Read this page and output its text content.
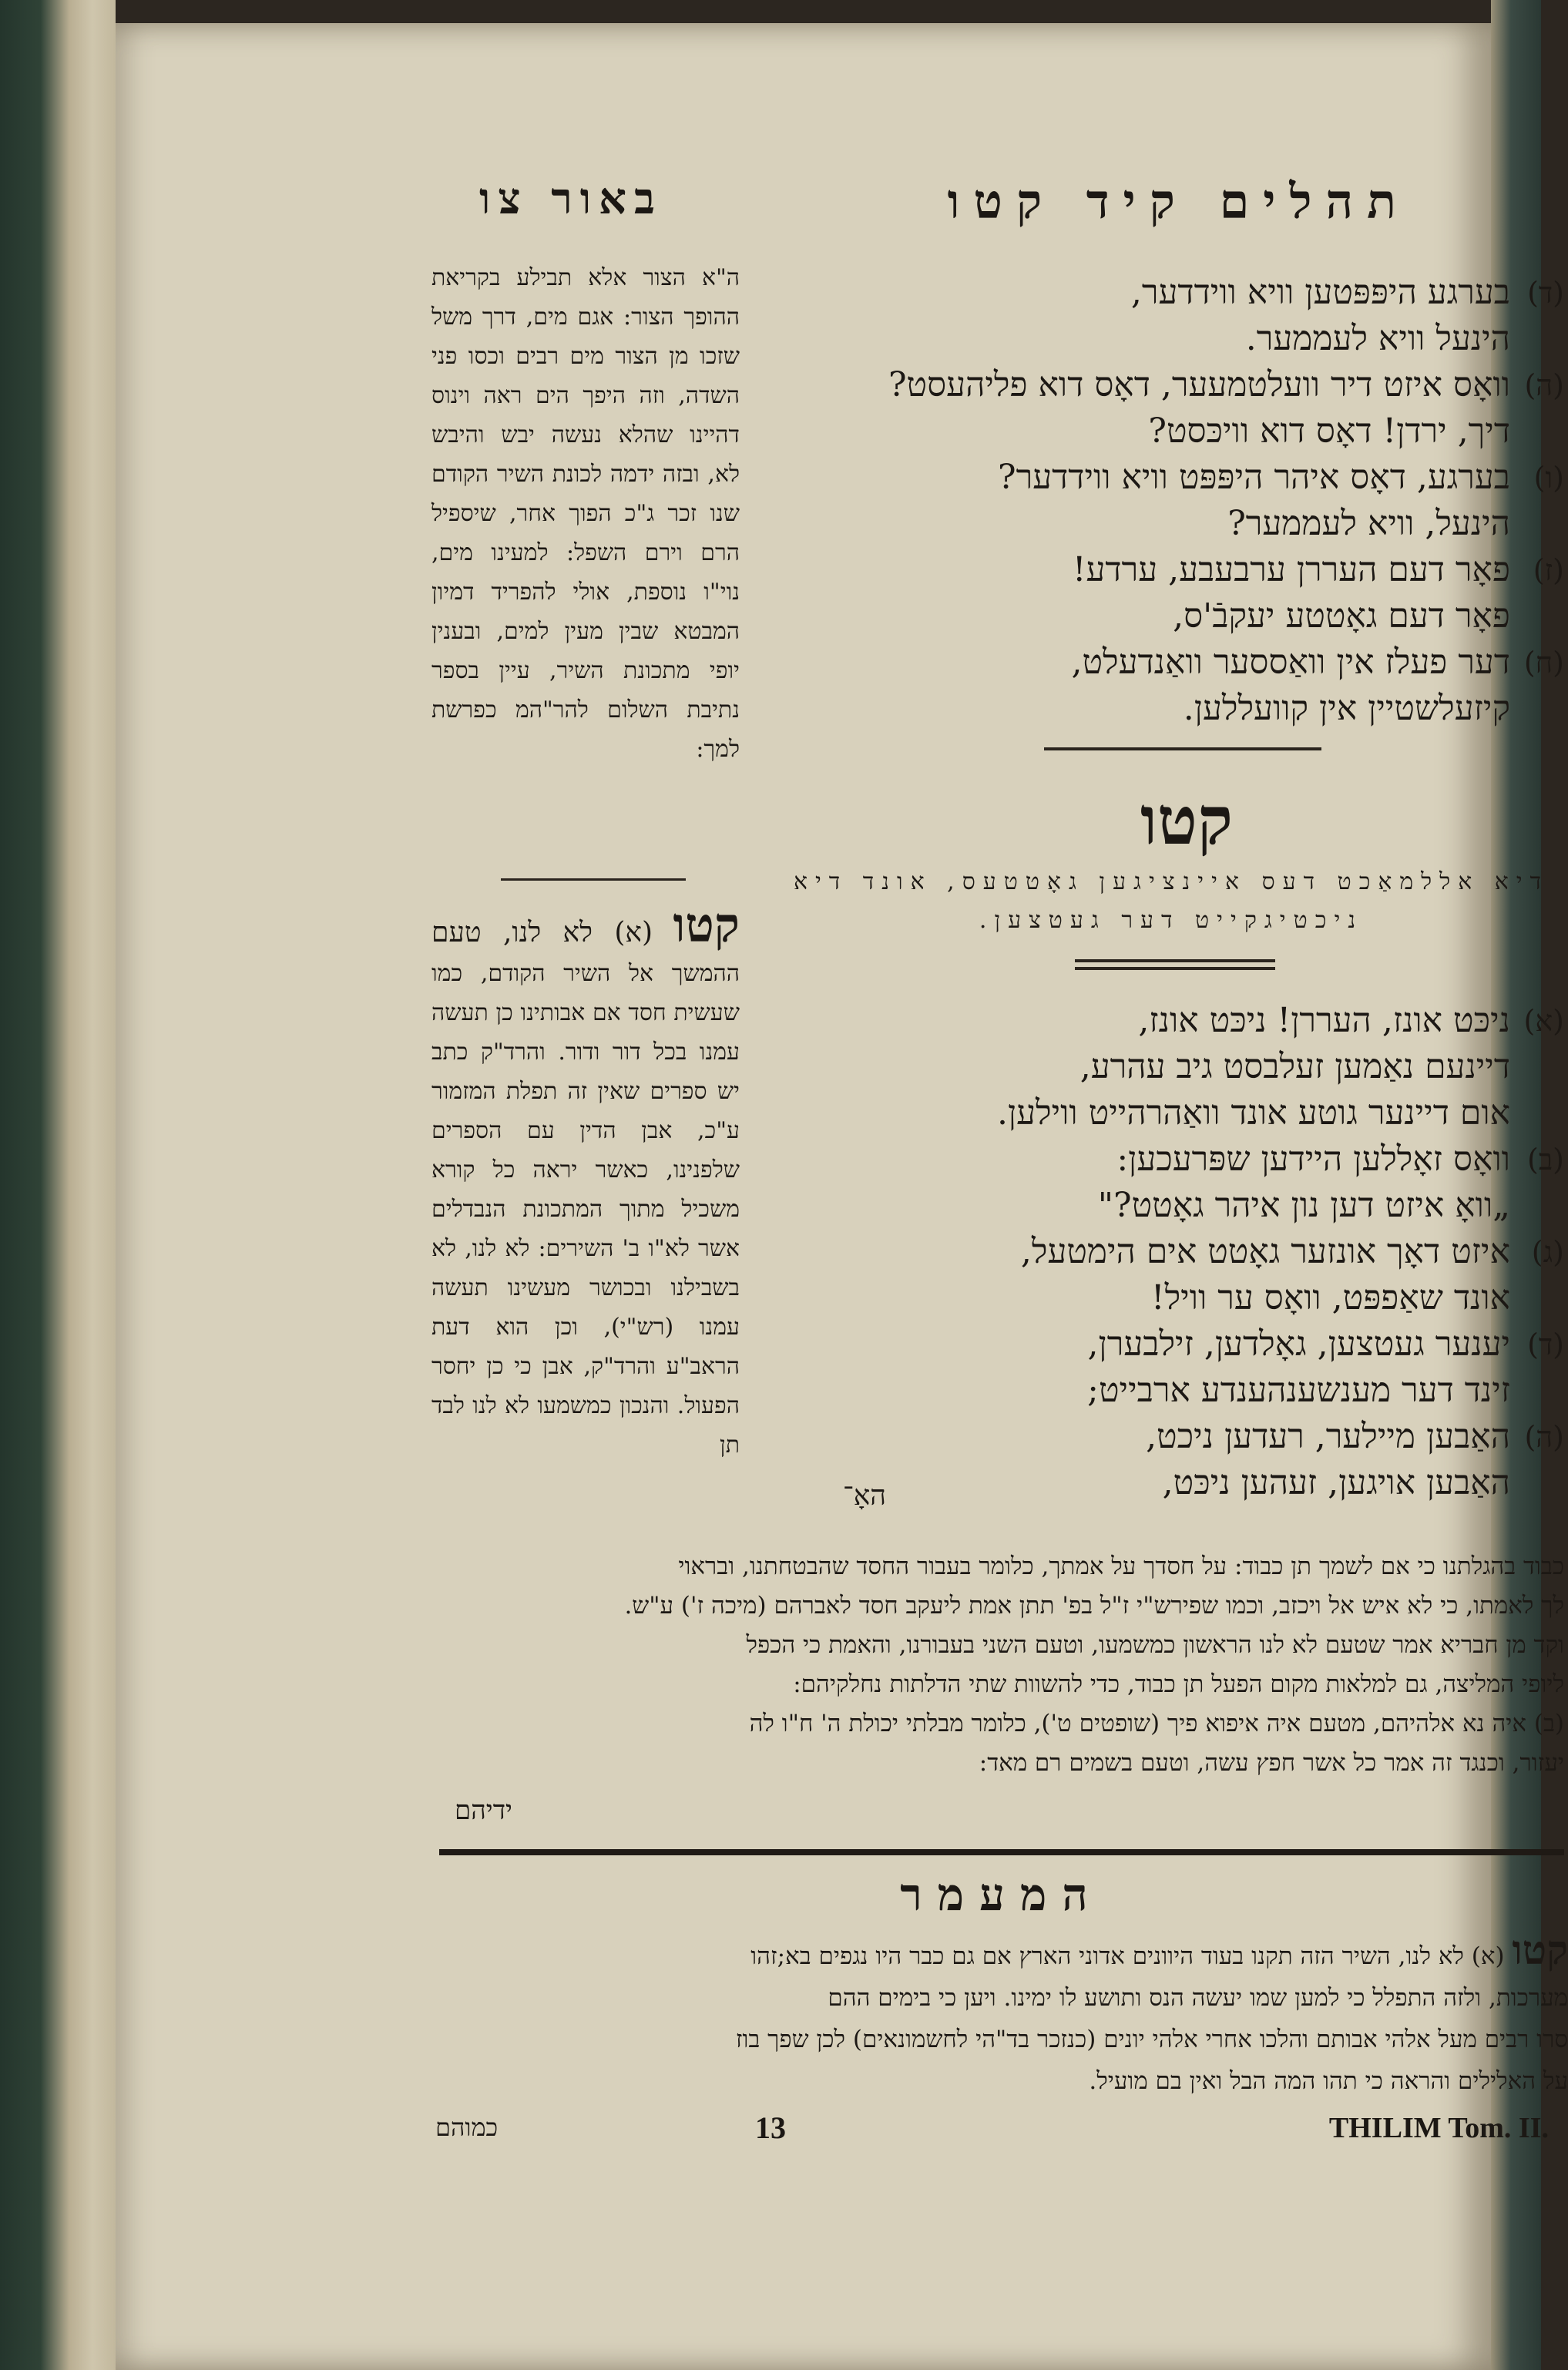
תהלים קיד קטו
באור צו
(ד)
בערגע היפּפּטען וויא ווידדער,
הינעל וויא לעממער.
(ה)
וואָס איזט דיר וועלטמעער, דאָס דוא פליהעסט?
דיך, ירדן! דאָס דוא וויכּסט?
(ו)
בערגע, דאָס איהר היפּפּט וויא ווידדער?
הינעל, וויא לעממער?
(ז)
פאָר דעם העררן ערבעבע, ערדע!
פאָר דעם גאָטטע יעקבֿ'ס,
(ח)
דער פעלז אין וואַססער וואַנדעלט,
קיזעלשטיין אין קוועללען.
קטו
דיא אללמאַכט דעס איינציגען גאָטטעס, אונד דיא
ניכטיגקייט דער געטצען.
(א)
ניכּט אונז, העררן! ניכּט אונז,
דיינעם נאַמען זעלבסט גיב עהרע,
אום דיינער גוטע אונד וואַהרהייט ווילען.
(ב)
וואָס זאָללען היידען שפּרעכען:
„וואָ איזט דען נון איהר גאָטט?"
(ג)
איזט דאָך אונזער גאָטט אים הימטעל,
אונד שאַפפּט, וואָס ער וויל!
(ד)
יענער געטצען, גאָלדען, זילבערן,
זינד דער מענשענהענדע ארבייט;
(ה)
האַבען מיילער, רעדען ניכט,
האַבען אויגען, זעהען ניכּט,
האָ־
ה"א הצור אלא תבילע בקריאת ההופך הצור: אגם מים, דרך משל שזכו מן הצור מים רבים וכסו פני השדה, וזה היפך הים ראה וינוס דהיינו שהלא נעשה יבש והיבש לא, ובזה ידמה לכונת השיר הקודם שנו זכר ג"כ הפוך אחר, שיספיל הרם וירם השפל: למעינו מים, נוי"ו נוספת, אולי להפריד דמיון המבטא שבין מעין למים, ובענין יופי מתכונת השיר, עיין בספר נתיבת השלום להר"המ כפרשת למך:
קטו (א) לא לנו, טעם ההמשך אל השיר הקודם, כמו שעשית חסד אם אבותינו כן תעשה עמנו בכל דור ודור. והרד"ק כתב יש ספרים שאין זה תפלת המזמור ע"כ, אבן הדין עם הספרים שלפנינו, כאשר יראה כל קורא משכיל מתוך המתכונת הנבדלים אשר לא"ו ב' השירים: לא לנו, לא בשבילנו ובכושר מעשינו תעשה עמנו (רש"י), וכן הוא דעת הראב"ע והרד"ק, אבן כי כן יחסר הפעול. והנכון כמשמעו לא לנו לבד תן
כבוד בהגלתנו כי אם לשמך תן כבוד: על חסדך על אמתך, כלומר בעבור החסד שהבטחתנו, ובראוי
לך לאמתו, כי לא איש אל ויכזב, וכמו שפירש"י ז"ל בפ' תתן אמת ליעקב חסד לאברהם (מיכה ז') ע"ש.
וקד מן חבריא אמר שטעם לא לנו הראשון כמשמעו, וטעם השני בעבורנו, והאמת כי הכפל
ליופי המליצה, גם למלאות מקום הפעל תן כבוד, כדי להשוות שתי הדלתות נחלקיהם:
(ב) איה נא אלהיהם, מטעם איה איפוא פיך (שופטים ט'), כלומר מבלתי יכולת ה' ח"ו לה
יעזור, וכנגד זה אמר כל אשר חפץ עשה, וטעם בשמים רם מאד:
ידיהם
המעמר
קטו (א) לא לנו, השיר הזה תקנו בעוד היוונים אדוני הארץ אם גם כבר היו נגפים בא;זהו
מערכות, ולזה התפלל כי למען שמו יעשה הנס ותושע לו ימינו. ויען כי בימים ההם
סרו רבים מעל אלהי אבותם והלכו אחרי אלהי יונים (כנזכר בד"הי לחשמונאים) לכן שפך בוז
על האלילים והראה כי תהו המה הבל ואין בם מועיל.
THILIM Tom. II.
13
כמוהם
